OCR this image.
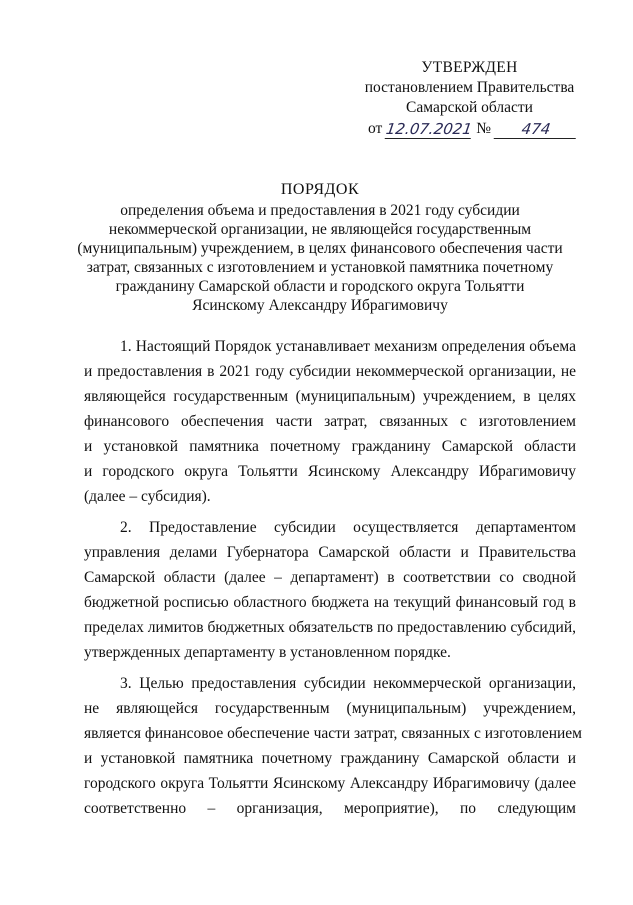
УТВЕРЖДЕН
постановлением Правительства
Самарской области
от 12.07.2021 №	474
ПОРЯДОК
определения объема и предоставления в 2021 году субсидии
некоммерческой организации, не являющейся государственным
(муниципальным) учреждением, в целях финансового обеспечения части
затрат, связанных с изготовлением и установкой памятника почетному
гражданину Самарской области и городского округа Тольятти
Ясинскому Александру Ибрагимовичу
1. Настоящий Порядок устанавливает механизм определения объема
и предоставления в 2021 году субсидии некоммерческой организации, не
являющейся государственным (муниципальным) учреждением, в целях
финансового обеспечения части затрат, связанных с изготовлением
и установкой памятника почетному гражданину Самарской области
и городского округа Тольятти Ясинскому Александру Ибрагимовичу
(далее – субсидия).
2. Предоставление субсидии осуществляется департаментом
управления делами Губернатора Самарской области и Правительства
Самарской области (далее – департамент) в соответствии со сводной
бюджетной росписью областного бюджета на текущий финансовый год в
пределах лимитов бюджетных обязательств по предоставлению субсидий,
утвержденных департаменту в установленном порядке.
3. Целью предоставления субсидии некоммерческой организации,
не являющейся государственным (муниципальным) учреждением,
является финансовое обеспечение части затрат, связанных с изготовлением
и установкой памятника почетному гражданину Самарской области и
городского округа Тольятти Ясинскому Александру Ибрагимовичу (далее
соответственно – организация, мероприятие), по следующим
